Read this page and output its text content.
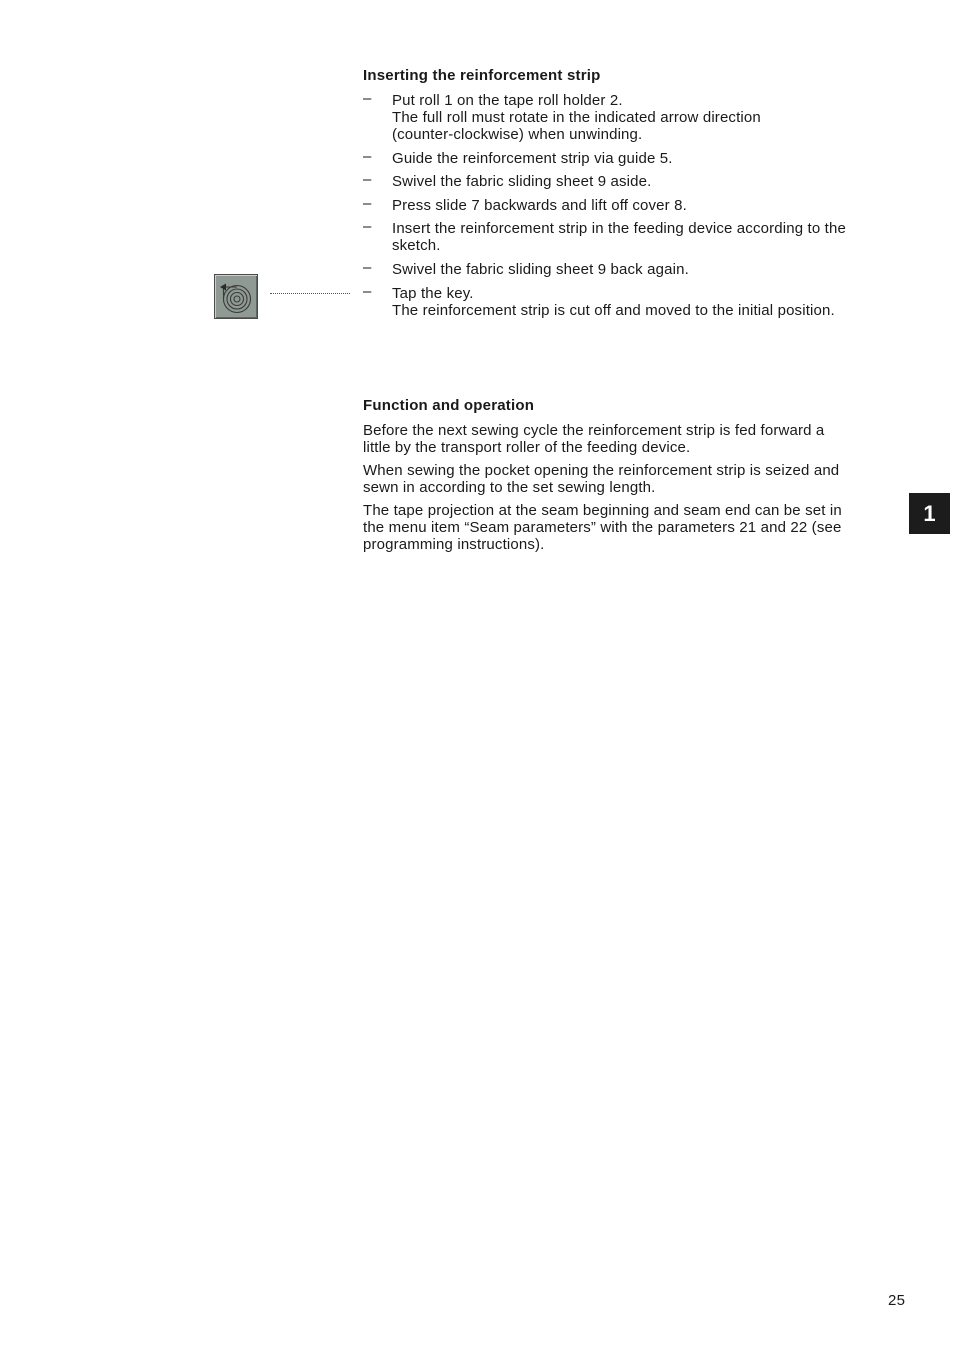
Inserting the reinforcement strip
– Put roll 1 on the tape roll holder 2.
The full roll must rotate in the indicated arrow direction
(counter-clockwise) when unwinding.
– Guide the reinforcement strip via guide 5.
– Swivel the fabric sliding sheet 9 aside.
– Press slide 7 backwards and lift off cover 8.
– Insert the reinforcement strip in the feeding device according to the
sketch.
– Swivel the fabric sliding sheet 9 back again.
– Tap the key.
The reinforcement strip is cut off and moved to the initial position.
Function and operation

Before the next sewing cycle the reinforcement strip is fed forward a
little by the transport roller of the feeding device.

When sewing the pocket opening the reinforcement strip is seized and
sewn in according to the set sewing length.

The tape projection at the seam beginning and seam end can be set in
the menu item “Seam parameters” with the parameters 21 and 22 (see
programming instructions).

1
25
